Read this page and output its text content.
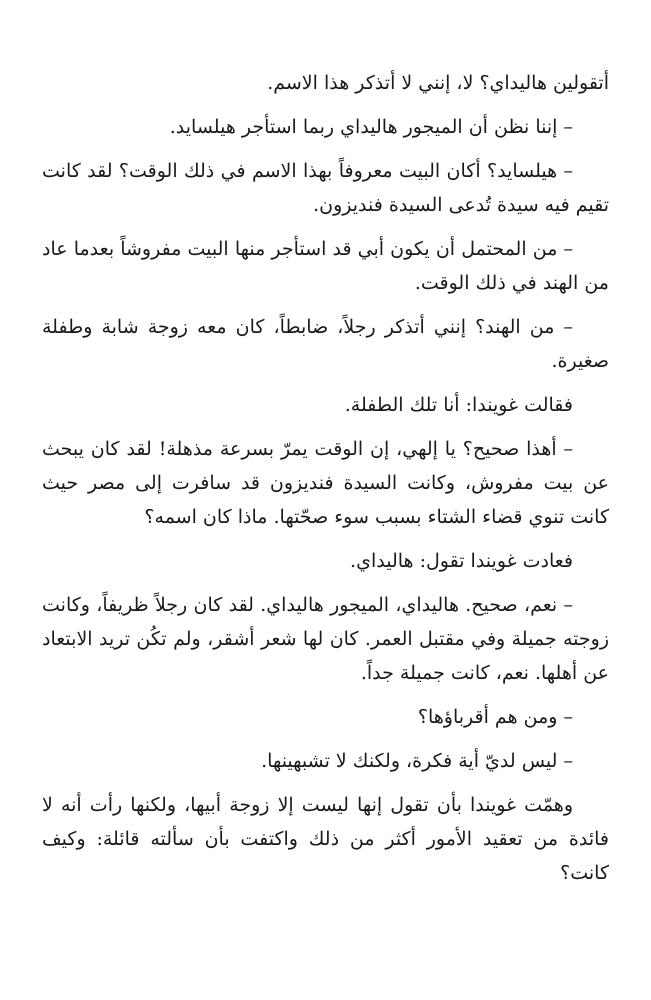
أتقولين هاليداي؟ لا، إنني لا أتذكر هذا الاسم.

– إننا نظن أن الميجور هاليداي ربما استأجر هيلسايد.

– هيلسايد؟ أكان البيت معروفاً بهذا الاسم في ذلك الوقت؟ لقد كانت تقيم فيه سيدة تُدعى السيدة فنديزون.

– من المحتمل أن يكون أبي قد استأجر منها البيت مفروشاً بعدما عاد من الهند في ذلك الوقت.

– من الهند؟ إنني أتذكر رجلاً، ضابطاً، كان معه زوجة شابة وطفلة صغيرة.

فقالت غويندا: أنا تلك الطفلة.

– أهذا صحيح؟ يا إلهي، إن الوقت يمرّ بسرعة مذهلة! لقد كان يبحث عن بيت مفروش، وكانت السيدة فنديزون قد سافرت إلى مصر حيث كانت تنوي قضاء الشتاء بسبب سوء صحّتها. ماذا كان اسمه؟

فعادت غويندا تقول: هاليداي.

– نعم، صحيح. هاليداي، الميجور هاليداي. لقد كان رجلاً ظريفاً، وكانت زوجته جميلة وفي مقتبل العمر. كان لها شعر أشقر، ولم تكُن تريد الابتعاد عن أهلها. نعم، كانت جميلة جداً.

– ومن هم أقرباؤها؟

– ليس لديّ أية فكرة، ولكنك لا تشبهينها.

وهمّت غويندا بأن تقول إنها ليست إلا زوجة أبيها، ولكنها رأت أنه لا فائدة من تعقيد الأمور أكثر من ذلك واكتفت بأن سألته قائلة: وكيف كانت؟
